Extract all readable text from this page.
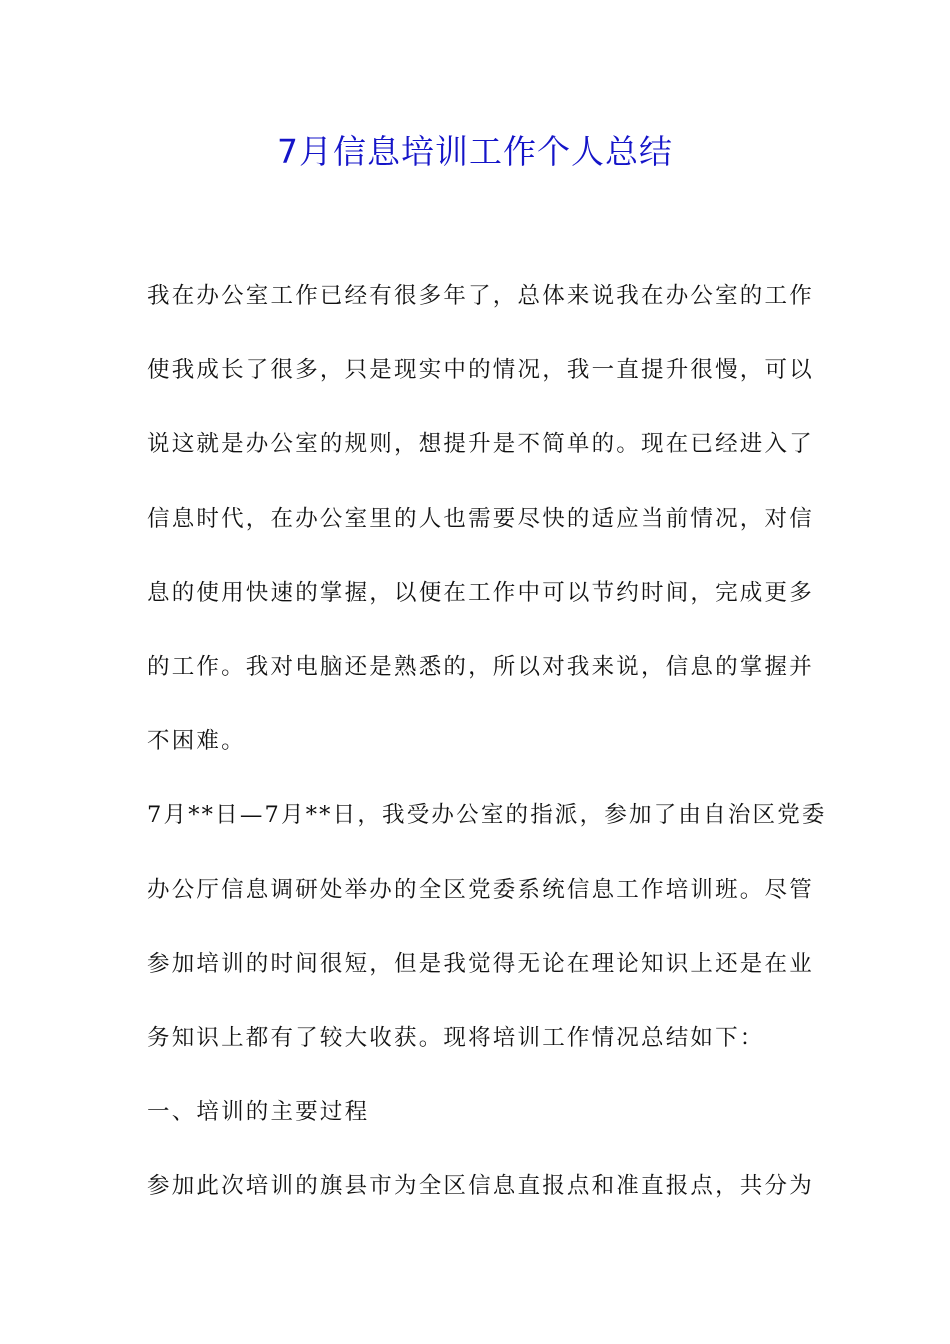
7月信息培训工作个人总结
我在办公室工作已经有很多年了，总体来说我在办公室的工作
使我成长了很多，只是现实中的情况，我一直提升很慢，可以
说这就是办公室的规则，想提升是不简单的。现在已经进入了
信息时代，在办公室里的人也需要尽快的适应当前情况，对信
息的使用快速的掌握，以便在工作中可以节约时间，完成更多
的工作。我对电脑还是熟悉的，所以对我来说，信息的掌握并
不困难。
7月**日—7月**日，我受办公室的指派，参加了由自治区党委
办公厅信息调研处举办的全区党委系统信息工作培训班。尽管
参加培训的时间很短，但是我觉得无论在理论知识上还是在业
务知识上都有了较大收获。现将培训工作情况总结如下：
一、培训的主要过程
参加此次培训的旗县市为全区信息直报点和准直报点，共分为
